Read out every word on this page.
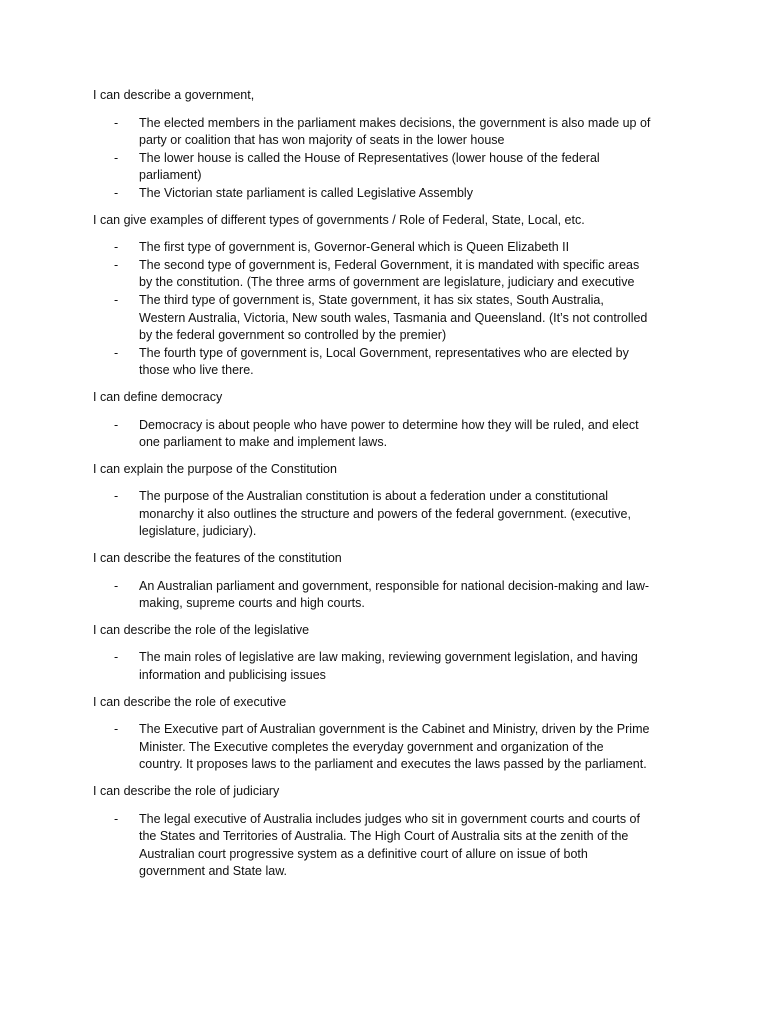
I can describe a government,

- The elected members in the parliament makes decisions, the government is also made up of
party or coalition that has won majority of seats in the lower house
- The lower house is called the House of Representatives (lower house of the federal
parliament)
- The Victorian state parliament is called Legislative Assembly

I can give examples of different types of governments / Role of Federal, State, Local, etc.

- The first type of government is, Governor-General which is Queen Elizabeth II
- The second type of government is, Federal Government, it is mandated with specific areas
by the constitution. (The three arms of government are legislature, judiciary and executive
- The third type of government is, State government, it has six states, South Australia,
Western Australia, Victoria, New south wales, Tasmania and Queensland. (It’s not controlled
by the federal government so controlled by the premier)
- The fourth type of government is, Local Government, representatives who are elected by
those who live there.

I can define democracy

- Democracy is about people who have power to determine how they will be ruled, and elect
one parliament to make and implement laws.

I can explain the purpose of the Constitution

- The purpose of the Australian constitution is about a federation under a constitutional
monarchy it also outlines the structure and powers of the federal government. (executive,
legislature, judiciary).

I can describe the features of the constitution

- An Australian parliament and government, responsible for national decision-making and law-
making, supreme courts and high courts.

I can describe the role of the legislative

- The main roles of legislative are law making, reviewing government legislation, and having
information and publicising issues

I can describe the role of executive

- The Executive part of Australian government is the Cabinet and Ministry, driven by the Prime
Minister. The Executive completes the everyday government and organization of the
country. It proposes laws to the parliament and executes the laws passed by the parliament.

I can describe the role of judiciary

- The legal executive of Australia includes judges who sit in government courts and courts of
the States and Territories of Australia. The High Court of Australia sits at the zenith of the
Australian court progressive system as a definitive court of allure on issue of both
government and State law.
